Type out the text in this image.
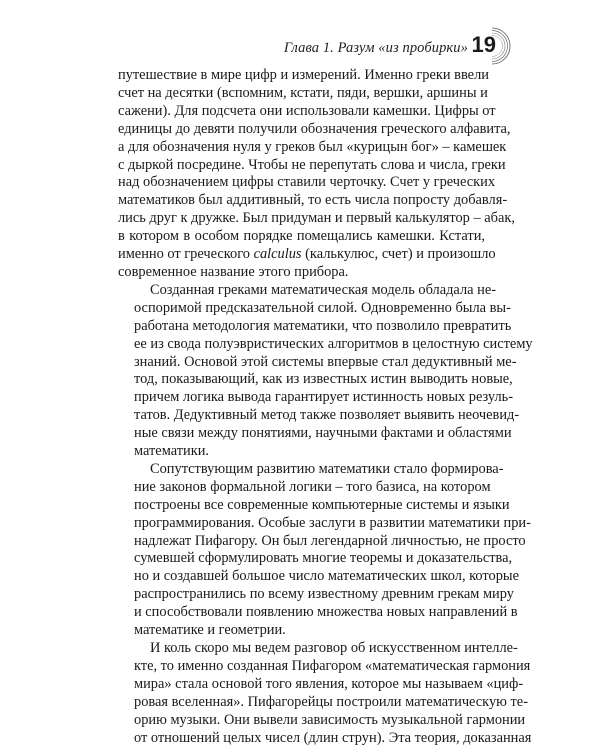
Глава 1. Разум «из пробирки» 19

путешествие в мире цифр и измерений. Именно греки ввели
счет на десятки (вспомним, кстати, пяди, вершки, аршины и
сажени). Для подсчета они использовали камешки. Цифры от
единицы до девяти получили обозначения греческого алфавита,
а для обозначения нуля у греков был «курицын бог» – камешек
с дыркой посредине. Чтобы не перепутать слова и числа, греки
над обозначением цифры ставили черточку. Счет у греческих
математиков был аддитивный, то есть числа попросту добавля-
лись друг к дружке. Был придуман и первый калькулятор – абак,
в котором в особом порядке помещались камешки. Кстати,
именно от греческого calculus (калькулюс, счет) и произошло
современное название этого прибора.

Созданная греками математическая модель обладала не-
оспоримой предсказательной силой. Одновременно была вы-
работана методология математики, что позволило превратить
ее из свода полуэвристических алгоритмов в целостную систему
знаний. Основой этой системы впервые стал дедуктивный ме-
тод, показывающий, как из известных истин выводить новые,
причем логика вывода гарантирует истинность новых резуль-
татов. Дедуктивный метод также позволяет выявить неочевид-
ные связи между понятиями, научными фактами и областями
математики.

Сопутствующим развитию математики стало формирова-
ние законов формальной логики – того базиса, на котором
построены все современные компьютерные системы и языки
программирования. Особые заслуги в развитии математики при-
надлежат Пифагору. Он был легендарной личностью, не просто
сумевшей сформулировать многие теоремы и доказательства,
но и создавшей большое число математических школ, которые
распространились по всему известному древним грекам миру
и способствовали появлению множества новых направлений в
математике и геометрии.

И коль скоро мы ведем разговор об искусственном интелле-
кте, то именно созданная Пифагором «математическая гармония
мира» стала основой того явления, которое мы называем «циф-
ровая вселенная». Пифагорейцы построили математическую те-
орию музыки. Они вывели зависимость музыкальной гармонии
от отношений целых чисел (длин струн). Эта теория, доказанная
